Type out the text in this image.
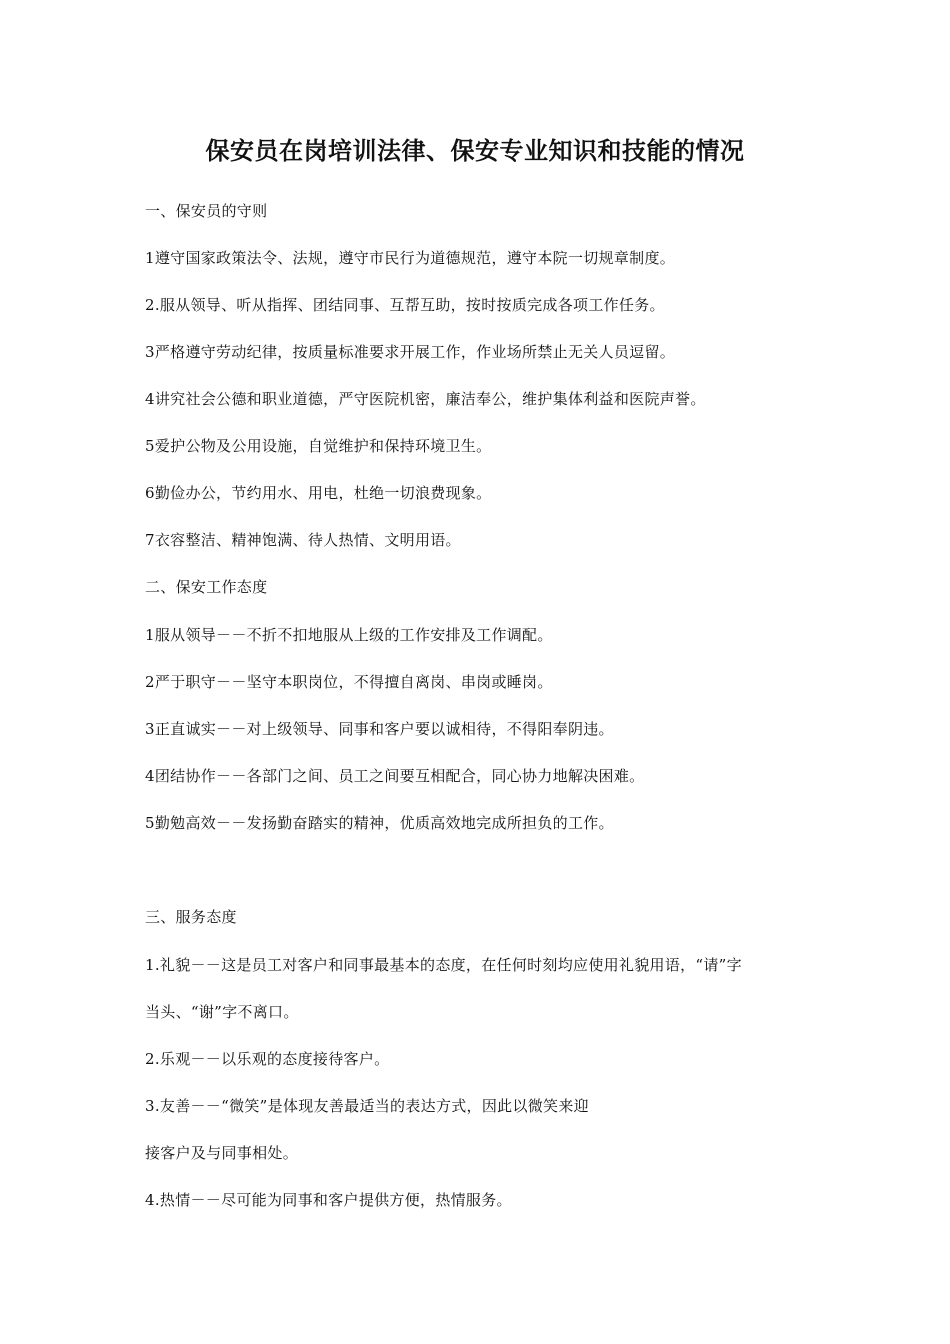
保安员在岗培训法律、保安专业知识和技能的情况
一、保安员的守则
1遵守国家政策法令、法规，遵守市民行为道德规范，遵守本院一切规章制度。
2.服从领导、听从指挥、团结同事、互帮互助，按时按质完成各项工作任务。
3严格遵守劳动纪律，按质量标准要求开展工作，作业场所禁止无关人员逗留。
4讲究社会公德和职业道德，严守医院机密，廉洁奉公，维护集体利益和医院声誉。
5爱护公物及公用设施，自觉维护和保持环境卫生。
6勤俭办公，节约用水、用电，杜绝一切浪费现象。
7衣容整洁、精神饱满、待人热情、文明用语。
二、保安工作态度
1服从领导－－不折不扣地服从上级的工作安排及工作调配。
2严于职守－－坚守本职岗位，不得擅自离岗、串岗或睡岗。
3正直诚实－－对上级领导、同事和客户要以诚相待，不得阳奉阴违。
4团结协作－－各部门之间、员工之间要互相配合，同心协力地解决困难。
5勤勉高效－－发扬勤奋踏实的精神，优质高效地完成所担负的工作。
三、服务态度
1.礼貌－－这是员工对客户和同事最基本的态度，在任何时刻均应使用礼貌用语，“请”字
当头、“谢”字不离口。
2.乐观－－以乐观的态度接待客户。
3.友善－－“微笑”是体现友善最适当的表达方式，因此以微笑来迎
接客户及与同事相处。
4.热情－－尽可能为同事和客户提供方便，热情服务。
